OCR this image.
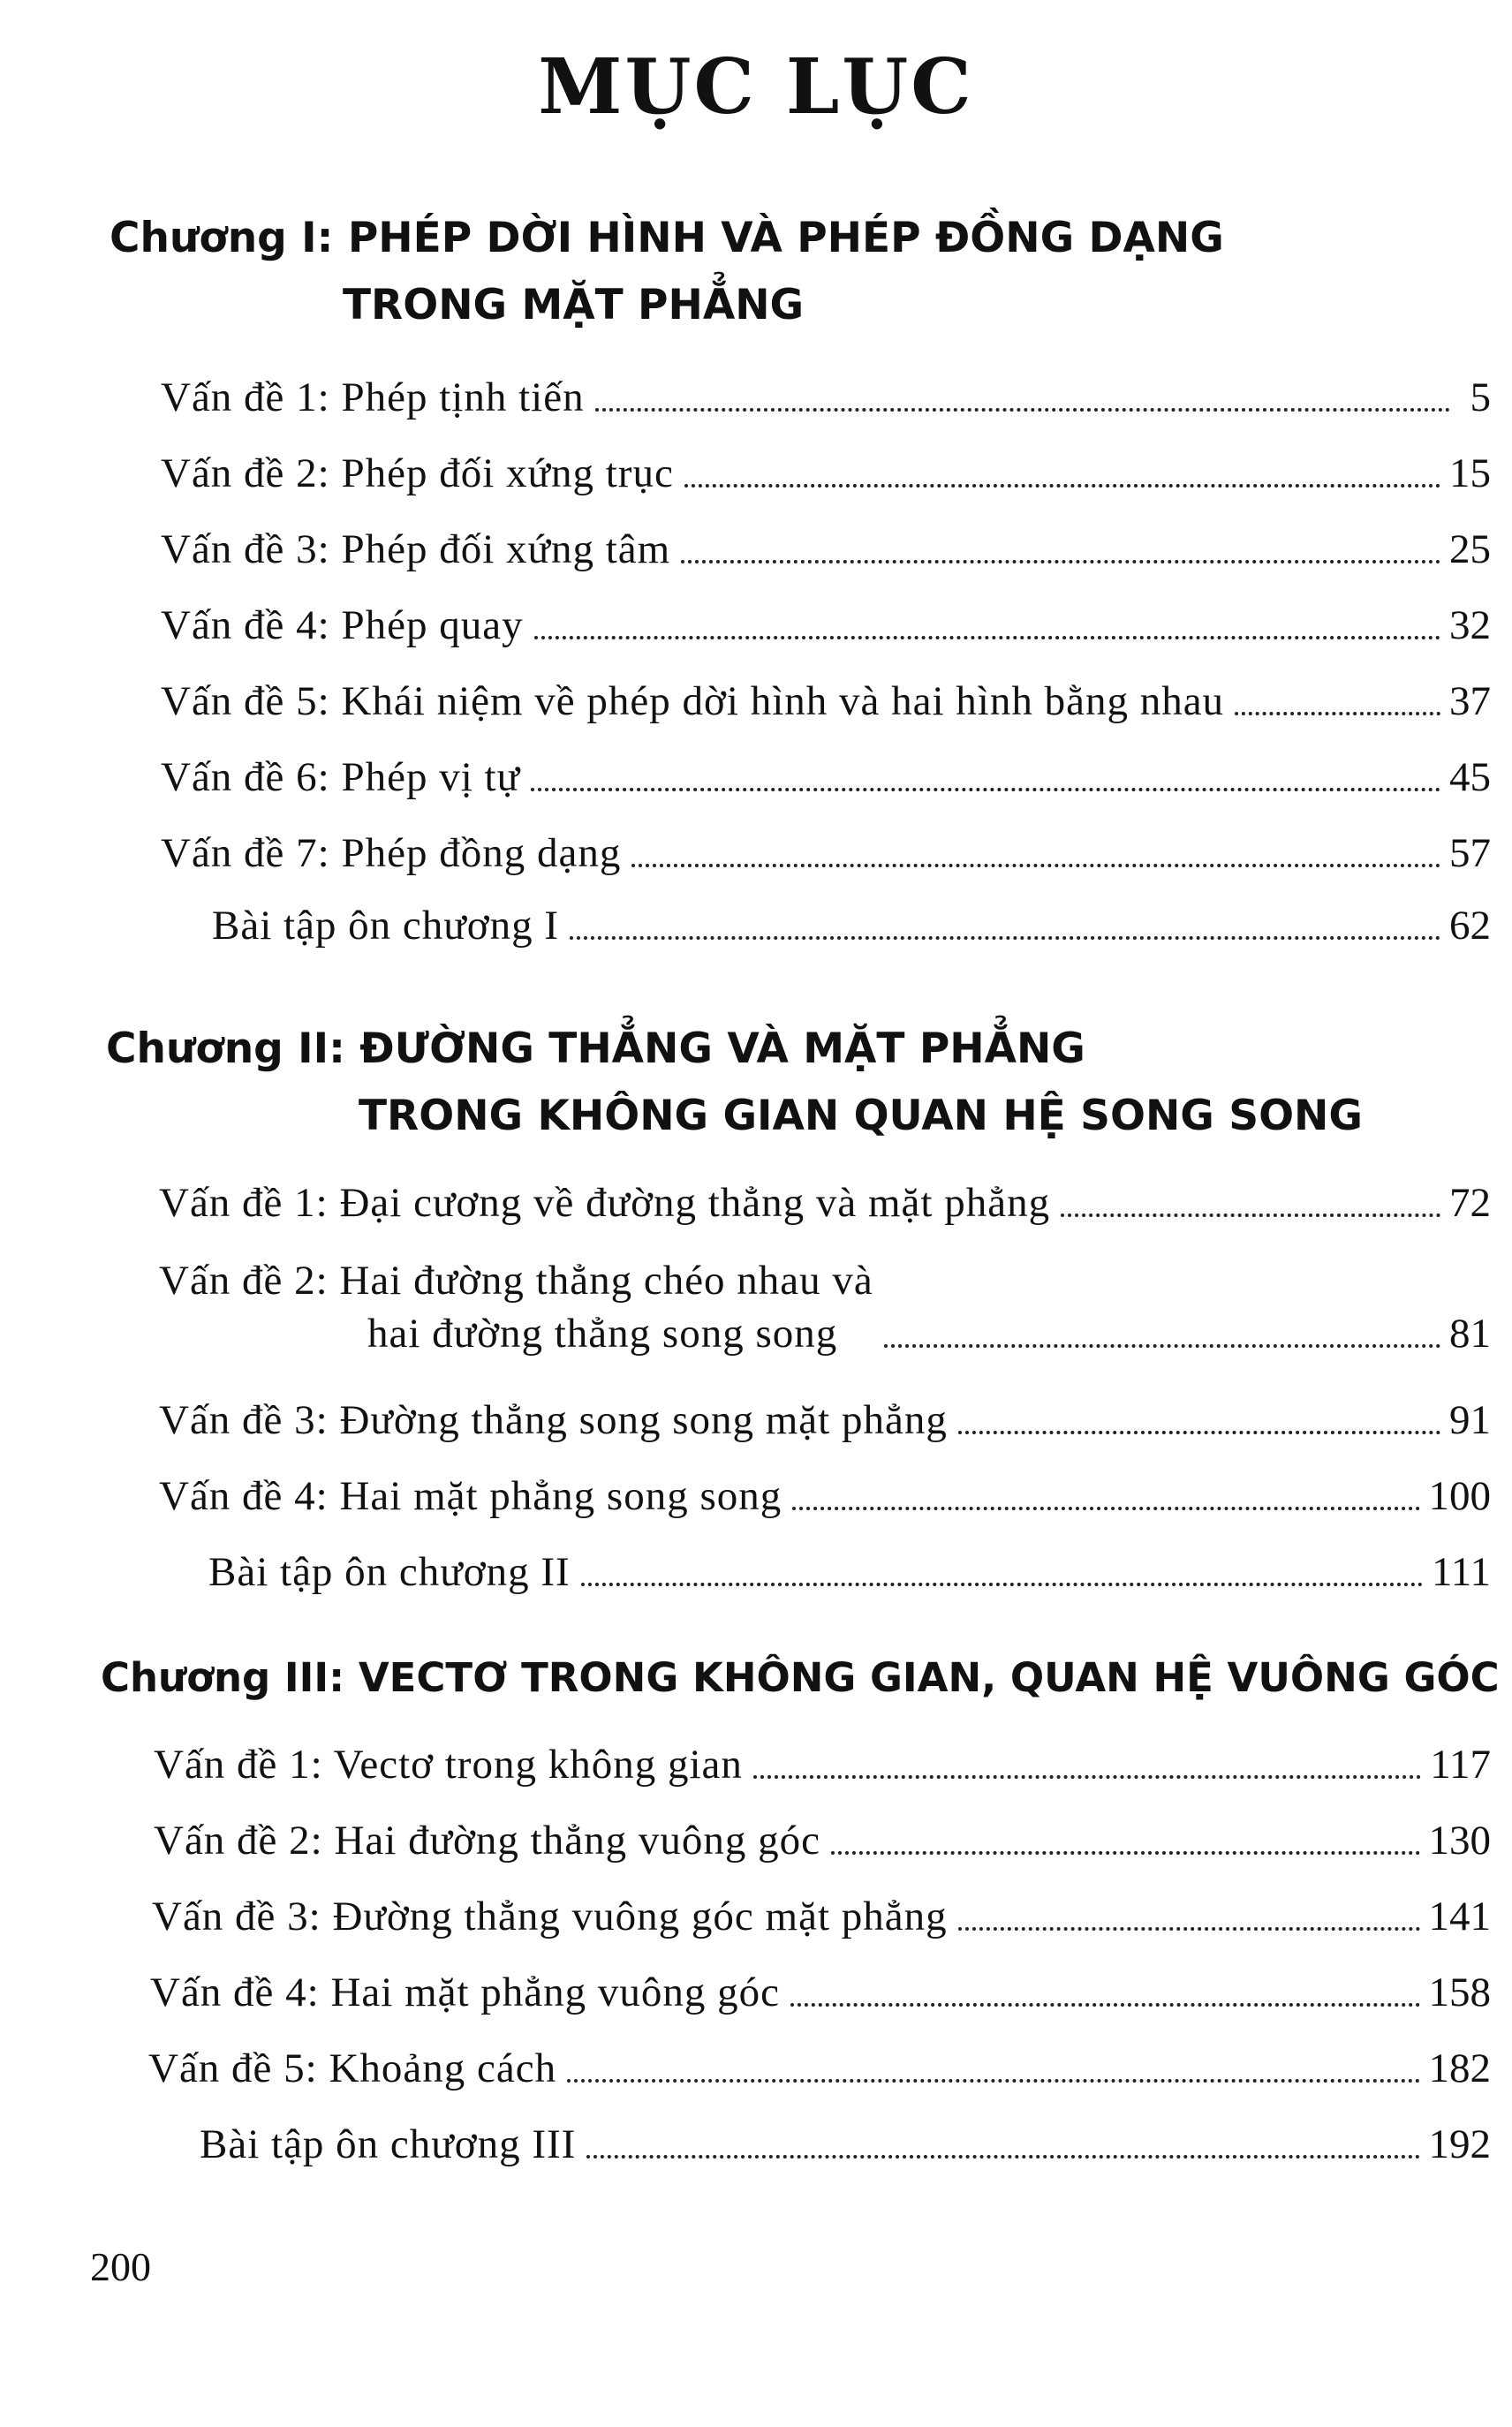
MỤC LỤC
Chương I: PHÉP DỜI HÌNH VÀ PHÉP ĐỒNG DẠNG
TRONG MẶT PHẲNG
Vấn đề 1: Phép tịnh tiến	5
Vấn đề 2: Phép đối xứng trục	15
Vấn đề 3: Phép đối xứng tâm	25
Vấn đề 4: Phép quay	32
Vấn đề 5: Khái niệm về phép dời hình và hai hình bằng nhau	37
Vấn đề 6: Phép vị tự	45
Vấn đề 7: Phép đồng dạng	57
Bài tập ôn chương I	62
Chương II: ĐƯỜNG THẲNG VÀ MẶT PHẲNG
TRONG KHÔNG GIAN QUAN HỆ SONG SONG
Vấn đề 1: Đại cương về đường thẳng và mặt phẳng	72
Vấn đề 2: Hai đường thẳng chéo nhau và
hai đường thẳng song song	81
Vấn đề 3: Đường thẳng song song mặt phẳng	91
Vấn đề 4: Hai mặt phẳng song song	100
Bài tập ôn chương II	111
Chương III: VECTƠ TRONG KHÔNG GIAN, QUAN HỆ VUÔNG GÓC
Vấn đề 1: Vectơ trong không gian	117
Vấn đề 2: Hai đường thẳng vuông góc	130
Vấn đề 3: Đường thẳng vuông góc mặt phẳng	141
Vấn đề 4: Hai mặt phẳng vuông góc	158
Vấn đề 5: Khoảng cách	182
Bài tập ôn chương III	192
200
